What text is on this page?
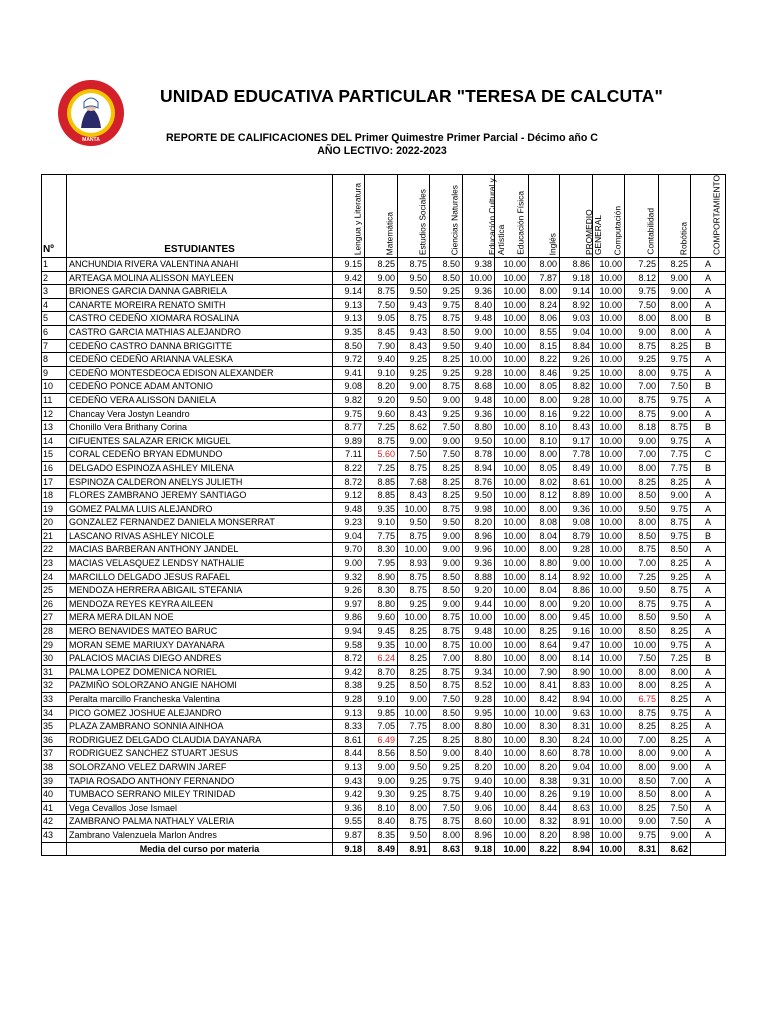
MANTA
UNIDAD EDUCATIVA PARTICULAR "TERESA DE CALCUTA"
REPORTE DE CALIFICACIONES DEL Primer Quimestre Primer Parcial - Décimo año C
AÑO LECTIVO: 2022-2023
Nº	ESTUDIANTES	Lengua y Literatura	Matemática	Estudios Sociales	Ciencias Naturales	Educación Cultural y Artística	Educación Física	Inglés	PROMEDIO GENERAL	Computación	Contabilidad	Robótica	COMPORTAMIENTO

1	ANCHUNDIA RIVERA VALENTINA ANAHI	9.15	8.25	8.75	8.50	9.38	10.00	8.00	8.86	10.00	7.25	8.25	A
2	ARTEAGA MOLINA ALISSON MAYLEEN	9.42	9.00	9.50	8.50	10.00	10.00	7.87	9.18	10.00	8.12	9.00	A
3	BRIONES GARCIA DANNA GABRIELA	9.14	8.75	9.50	9.25	9.36	10.00	8.00	9.14	10.00	9.75	9.00	A
4	CANARTE MOREIRA RENATO SMITH	9.13	7.50	9.43	9.75	8.40	10.00	8.24	8.92	10.00	7.50	8.00	A
5	CASTRO CEDEÑO XIOMARA ROSALINA	9.13	9.05	8.75	8.75	9.48	10.00	8.06	9.03	10.00	8.00	8.00	B
6	CASTRO GARCIA MATHIAS ALEJANDRO	9.35	8.45	9.43	8.50	9.00	10.00	8.55	9.04	10.00	9.00	8.00	A
7	CEDEÑO CASTRO DANNA BRIGGITTE	8.50	7.90	8.43	9.50	9.40	10.00	8.15	8.84	10.00	8.75	8.25	B
8	CEDEÑO CEDEÑO ARIANNA VALESKA	9.72	9.40	9.25	8.25	10.00	10.00	8.22	9.26	10.00	9.25	9.75	A
9	CEDEÑO MONTESDEOCA EDISON ALEXANDER	9.41	9.10	9.25	9.25	9.28	10.00	8.46	9.25	10.00	8.00	9.75	A
10	CEDEÑO PONCE ADAM ANTONIO	9.08	8.20	9.00	8.75	8.68	10.00	8.05	8.82	10.00	7.00	7.50	B
11	CEDEÑO VERA ALISSON DANIELA	9.82	9.20	9.50	9.00	9.48	10.00	8.00	9.28	10.00	8.75	9.75	A
12	Chancay Vera Jostyn Leandro	9.75	9.60	8.43	9.25	9.36	10.00	8.16	9.22	10.00	8.75	9.00	A
13	Chonillo Vera Brithany Corina	8.77	7.25	8.62	7.50	8.80	10.00	8.10	8.43	10.00	8.18	8.75	B
14	CIFUENTES SALAZAR ERICK MIGUEL	9.89	8.75	9.00	9.00	9.50	10.00	8.10	9.17	10.00	9.00	9.75	A
15	CORAL CEDEÑO BRYAN EDMUNDO	7.11	5.60	7.50	7.50	8.78	10.00	8.00	7.78	10.00	7.00	7.75	C
16	DELGADO ESPINOZA ASHLEY MILENA	8.22	7.25	8.75	8.25	8.94	10.00	8.05	8.49	10.00	8.00	7.75	B
17	ESPINOZA CALDERON ANELYS JULIETH	8.72	8.85	7.68	8.25	8.76	10.00	8.02	8.61	10.00	8.25	8.25	A
18	FLORES ZAMBRANO JEREMY SANTIAGO	9.12	8.85	8.43	8.25	9.50	10.00	8.12	8.89	10.00	8.50	9.00	A
19	GOMEZ PALMA LUIS ALEJANDRO	9.48	9.35	10.00	8.75	9.98	10.00	8.00	9.36	10.00	9.50	9.75	A
20	GONZALEZ FERNANDEZ DANIELA MONSERRAT	9.23	9.10	9.50	9.50	8.20	10.00	8.08	9.08	10.00	8.00	8.75	A
21	LASCANO RIVAS ASHLEY NICOLE	9.04	7.75	8.75	9.00	8.96	10.00	8.04	8.79	10.00	8.50	9.75	B
22	MACIAS BARBERAN ANTHONY JANDEL	9.70	8.30	10.00	9.00	9.96	10.00	8.00	9.28	10.00	8.75	8.50	A
23	MACIAS VELASQUEZ LENDSY NATHALIE	9.00	7.95	8.93	9.00	9.36	10.00	8.80	9.00	10.00	7.00	8.25	A
24	MARCILLO DELGADO JESUS RAFAEL	9.32	8.90	8.75	8.50	8.88	10.00	8.14	8.92	10.00	7.25	9.25	A
25	MENDOZA HERRERA ABIGAIL STEFANIA	9.26	8.30	8.75	8.50	9.20	10.00	8.04	8.86	10.00	9.50	8.75	A
26	MENDOZA REYES KEYRA AILEEN	9.97	8.80	9.25	9.00	9.44	10.00	8.00	9.20	10.00	8.75	9.75	A
27	MERA MERA DILAN NOE	9.86	9.60	10.00	8.75	10.00	10.00	8.00	9.45	10.00	8.50	9.50	A
28	MERO BENAVIDES MATEO BARUC	9.94	9.45	8.25	8.75	9.48	10.00	8.25	9.16	10.00	8.50	8.25	A
29	MORAN SEME MARIUXY DAYANARA	9.58	9.35	10.00	8.75	10.00	10.00	8.64	9.47	10.00	10.00	9.75	A
30	PALACIOS MACIAS DIEGO ANDRES	8.72	6.24	8.25	7.00	8.80	10.00	8.00	8.14	10.00	7.50	7.25	B
31	PALMA LOPEZ DOMENICA NORIEL	9.42	8.70	8.25	8.75	9.34	10.00	7.90	8.90	10.00	8.00	8.00	A
32	PAZMIÑO SOLORZANO ANGIE NAHOMI	8.38	9.25	8.50	8.75	8.52	10.00	8.41	8.83	10.00	8.00	8.25	A
33	Peralta marcillo Francheska Valentina	9.28	9.10	9.00	7.50	9.28	10.00	8.42	8.94	10.00	6.75	8.25	A
34	PICO GOMEZ JOSHUE ALEJANDRO	9.13	9.85	10.00	8.50	9.95	10.00	10.00	9.63	10.00	8.75	9.75	A
35	PLAZA ZAMBRANO SONNIA AINHOA	8.33	7.05	7.75	8.00	8.80	10.00	8.30	8.31	10.00	8.25	8.25	A
36	RODRIGUEZ DELGADO CLAUDIA DAYANARA	8.61	6.49	7.25	8.25	8.80	10.00	8.30	8.24	10.00	7.00	8.25	A
37	RODRIGUEZ SANCHEZ STUART JESUS	8.44	8.56	8.50	9.00	8.40	10.00	8.60	8.78	10.00	8.00	9.00	A
38	SOLORZANO VELEZ DARWIN JAREF	9.13	9.00	9.50	9.25	8.20	10.00	8.20	9.04	10.00	8.00	9.00	A
39	TAPIA ROSADO ANTHONY FERNANDO	9.43	9.00	9.25	9.75	9.40	10.00	8.38	9.31	10.00	8.50	7.00	A
40	TUMBACO SERRANO MILEY TRINIDAD	9.42	9.30	9.25	8.75	9.40	10.00	8.26	9.19	10.00	8.50	8.00	A
41	Vega Cevallos Jose Ismael	9.36	8.10	8.00	7.50	9.06	10.00	8.44	8.63	10.00	8.25	7.50	A
42	ZAMBRANO PALMA NATHALY VALERIA	9.55	8.40	8.75	8.75	8.60	10.00	8.32	8.91	10.00	9.00	7.50	A
43	Zambrano Valenzuela Marlon Andres	9.87	8.35	9.50	8.00	8.96	10.00	8.20	8.98	10.00	9.75	9.00	A
	Media del curso por materia	9.18	8.49	8.91	8.63	9.18	10.00	8.22	8.94	10.00	8.31	8.62	
